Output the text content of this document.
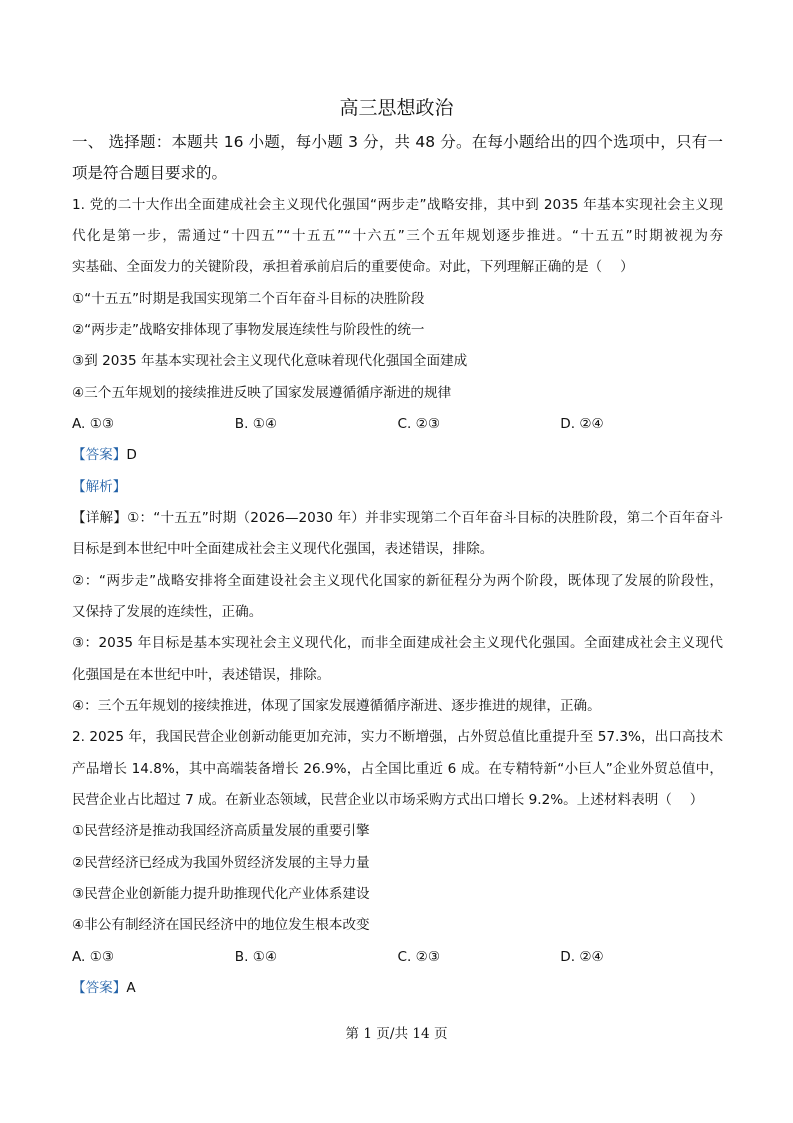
高三思想政治
一、 选择题：本题共 16 小题，每小题 3 分，共 48 分。在每小题给出的四个选项中，只有一
项是符合题目要求的。
1. 党的二十大作出全面建成社会主义现代化强国“两步走”战略安排，其中到 2035 年基本实现社会主义现
代化是第一步，需通过“十四五”“十五五”“十六五”三个五年规划逐步推进。“十五五”时期被视为夯
实基础、全面发力的关键阶段，承担着承前启后的重要使命。对此，下列理解正确的是（　 ）
①“十五五”时期是我国实现第二个百年奋斗目标的决胜阶段
②“两步走”战略安排体现了事物发展连续性与阶段性的统一
③到 2035 年基本实现社会主义现代化意味着现代化强国全面建成
④三个五年规划的接续推进反映了国家发展遵循循序渐进的规律
A. ①③	B. ①④	C. ②③	D. ②④
【答案】D
【解析】
【详解】①：“十五五”时期（2026—2030 年）并非实现第二个百年奋斗目标的决胜阶段，第二个百年奋斗
目标是到本世纪中叶全面建成社会主义现代化强国，表述错误，排除。
②：“两步走”战略安排将全面建设社会主义现代化国家的新征程分为两个阶段，既体现了发展的阶段性，
又保持了发展的连续性，正确。
③：2035 年目标是基本实现社会主义现代化，而非全面建成社会主义现代化强国。全面建成社会主义现代
化强国是在本世纪中叶，表述错误，排除。
④：三个五年规划的接续推进，体现了国家发展遵循循序渐进、逐步推进的规律，正确。
2. 2025 年，我国民营企业创新动能更加充沛，实力不断增强，占外贸总值比重提升至 57.3%，出口高技术
产品增长 14.8%，其中高端装备增长 26.9%，占全国比重近 6 成。在专精特新“小巨人”企业外贸总值中，
民营企业占比超过 7 成。在新业态领域，民营企业以市场采购方式出口增长 9.2%。上述材料表明（　 ）
①民营经济是推动我国经济高质量发展的重要引擎
②民营经济已经成为我国外贸经济发展的主导力量
③民营企业创新能力提升助推现代化产业体系建设
④非公有制经济在国民经济中的地位发生根本改变
A. ①③	B. ①④	C. ②③	D. ②④
【答案】A
第 1 页/共 14 页
